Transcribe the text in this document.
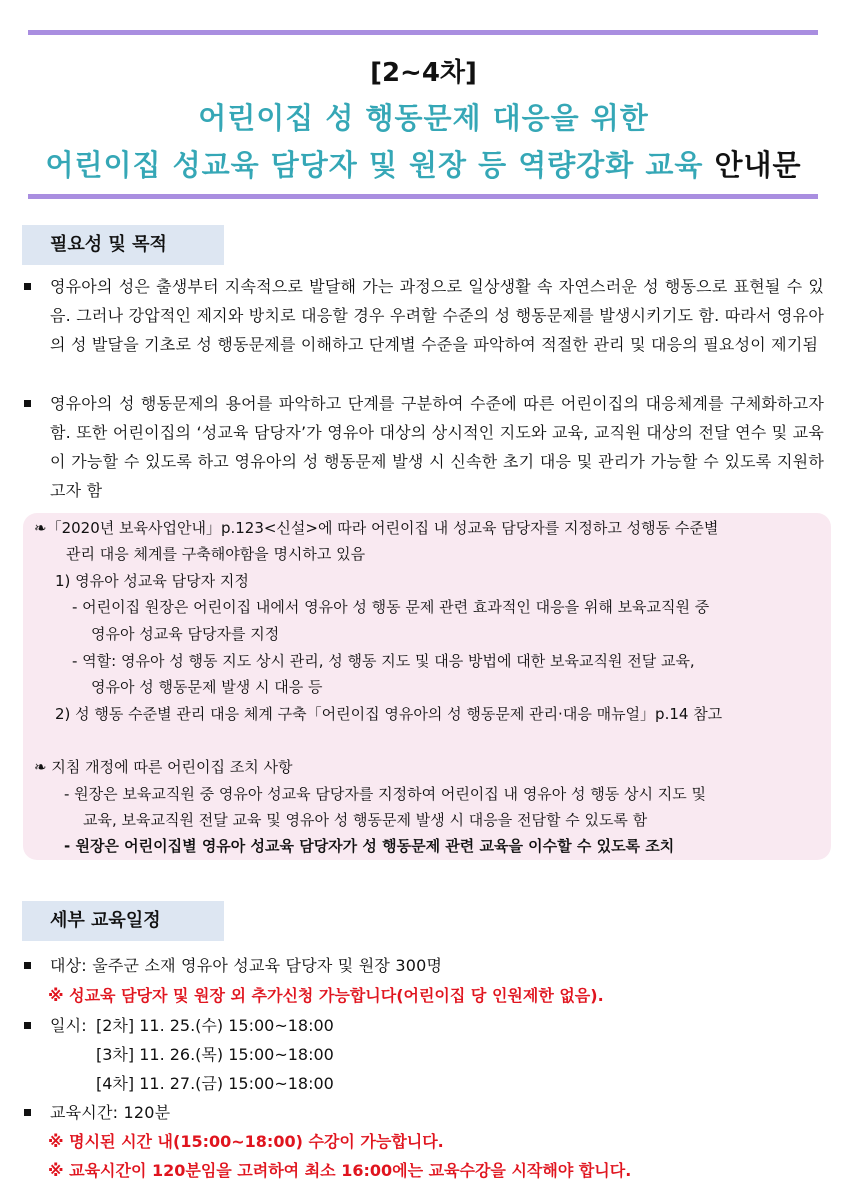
[2~4차]
어린이집 성 행동문제 대응을 위한
어린이집 성교육 담당자 및 원장 등 역량강화 교육 안내문
필요성 및 목적
영유아의 성은 출생부터 지속적으로 발달해 가는 과정으로 일상생활 속 자연스러운 성 행동으로 표현될 수 있음. 그러나 강압적인 제지와 방치로 대응할 경우 우려할 수준의 성 행동문제를 발생시키기도 함. 따라서 영유아의 성 발달을 기초로 성 행동문제를 이해하고 단계별 수준을 파악하여 적절한 관리 및 대응의 필요성이 제기됨
영유아의 성 행동문제의 용어를 파악하고 단계를 구분하여 수준에 따른 어린이집의 대응체계를 구체화하고자 함. 또한 어린이집의 ‘성교육 담당자’가 영유아 대상의 상시적인 지도와 교육, 교직원 대상의 전달 연수 및 교육이 가능할 수 있도록 하고 영유아의 성 행동문제 발생 시 신속한 초기 대응 및 관리가 가능할 수 있도록 지원하고자 함
❧「2020년 보육사업안내」p.123<신설>에 따라 어린이집 내 성교육 담당자를 지정하고 성행동 수준별
관리 대응 체계를 구축해야함을 명시하고 있음
1) 영유아 성교육 담당자 지정
- 어린이집 원장은 어린이집 내에서 영유아 성 행동 문제 관련 효과적인 대응을 위해 보육교직원 중
영유아 성교육 담당자를 지정
- 역할: 영유아 성 행동 지도 상시 관리, 성 행동 지도 및 대응 방법에 대한 보육교직원 전달 교육,
영유아 성 행동문제 발생 시 대응 등
2) 성 행동 수준별 관리 대응 체계 구축「어린이집 영유아의 성 행동문제 관리·대응 매뉴얼」p.14 참고
❧ 지침 개정에 따른 어린이집 조치 사항
- 원장은 보육교직원 중 영유아 성교육 담당자를 지정하여 어린이집 내 영유아 성 행동 상시 지도 및
교육, 보육교직원 전달 교육 및 영유아 성 행동문제 발생 시 대응을 전담할 수 있도록 함
- 원장은 어린이집별 영유아 성교육 담당자가 성 행동문제 관련 교육을 이수할 수 있도록 조치
세부 교육일정
대상: 울주군 소재 영유아 성교육 담당자 및 원장 300명
※ 성교육 담당자 및 원장 외 추가신청 가능합니다(어린이집 당 인원제한 없음).
일시: [2차] 11. 25.(수) 15:00~18:00
[3차] 11. 26.(목) 15:00~18:00
[4차] 11. 27.(금) 15:00~18:00
교육시간: 120분
※ 명시된 시간 내(15:00~18:00) 수강이 가능합니다.
※ 교육시간이 120분임을 고려하여 최소 16:00에는 교육수강을 시작해야 합니다.
